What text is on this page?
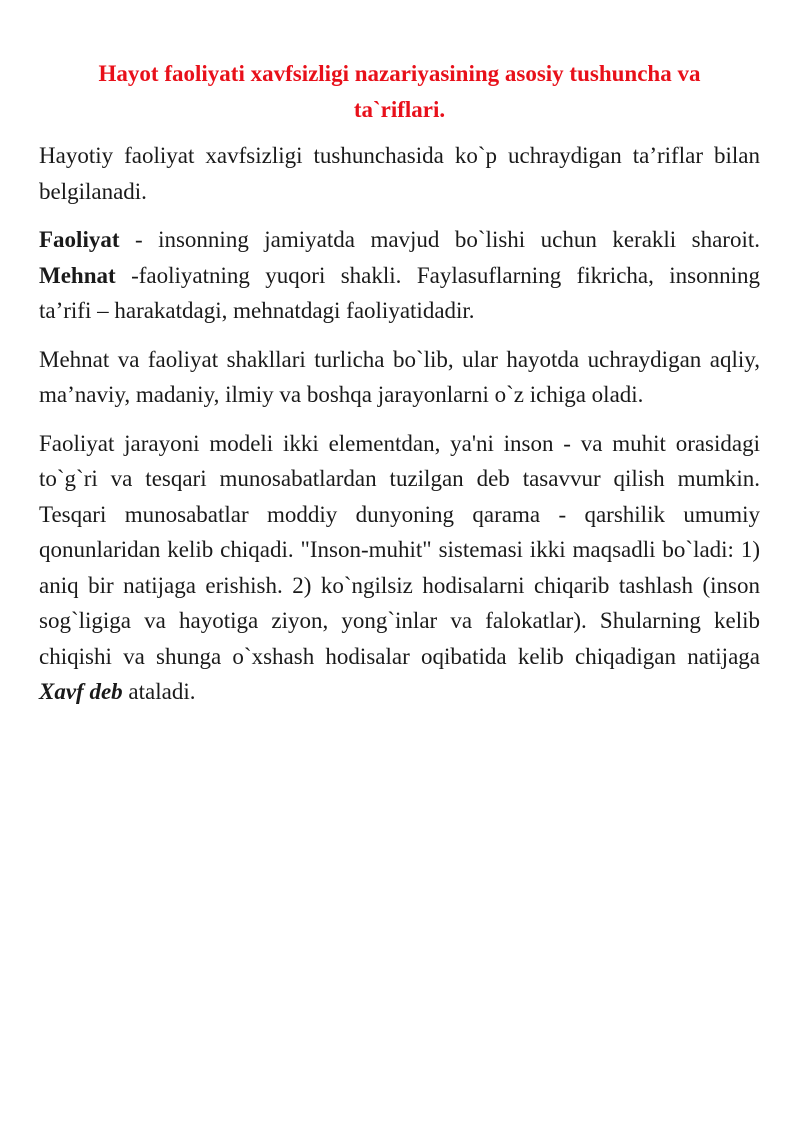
Hayot faoliyati xavfsizligi nazariyasining asosiy tushuncha va
ta`riflari.

Hayotiy faoliyat xavfsizligi tushunchasida ko`p uchraydigan ta’riflar bilan belgilanadi.

Faoliyat - insonning jamiyatda mavjud bo`lishi uchun kerakli sharoit. Mehnat -faoliyatning yuqori shakli. Faylasuflarning fikricha, insonning ta’rifi – harakatdagi, mehnatdagi faoliyatidadir.

Mehnat va faoliyat shakllari turlicha bo`lib, ular hayotda uchraydigan aqliy, ma’naviy, madaniy, ilmiy va boshqa jarayonlarni o`z ichiga oladi.

Faoliyat jarayoni modeli ikki elementdan, ya'ni inson - va muhit orasidagi to`g`ri va tesqari munosabatlardan tuzilgan deb tasavvur qilish mumkin. Tesqari munosabatlar moddiy dunyoning qarama - qarshilik umumiy qonunlaridan kelib chiqadi. "Inson-muhit" sistemasi ikki maqsadli bo`ladi: 1) aniq bir natijaga erishish. 2) ko`ngilsiz hodisalarni chiqarib tashlash (inson sog`ligiga va hayotiga ziyon, yong`inlar va falokatlar). Shularning kelib chiqishi va shunga o`xshash hodisalar oqibatida kelib chiqadigan natijaga Xavf deb ataladi.
